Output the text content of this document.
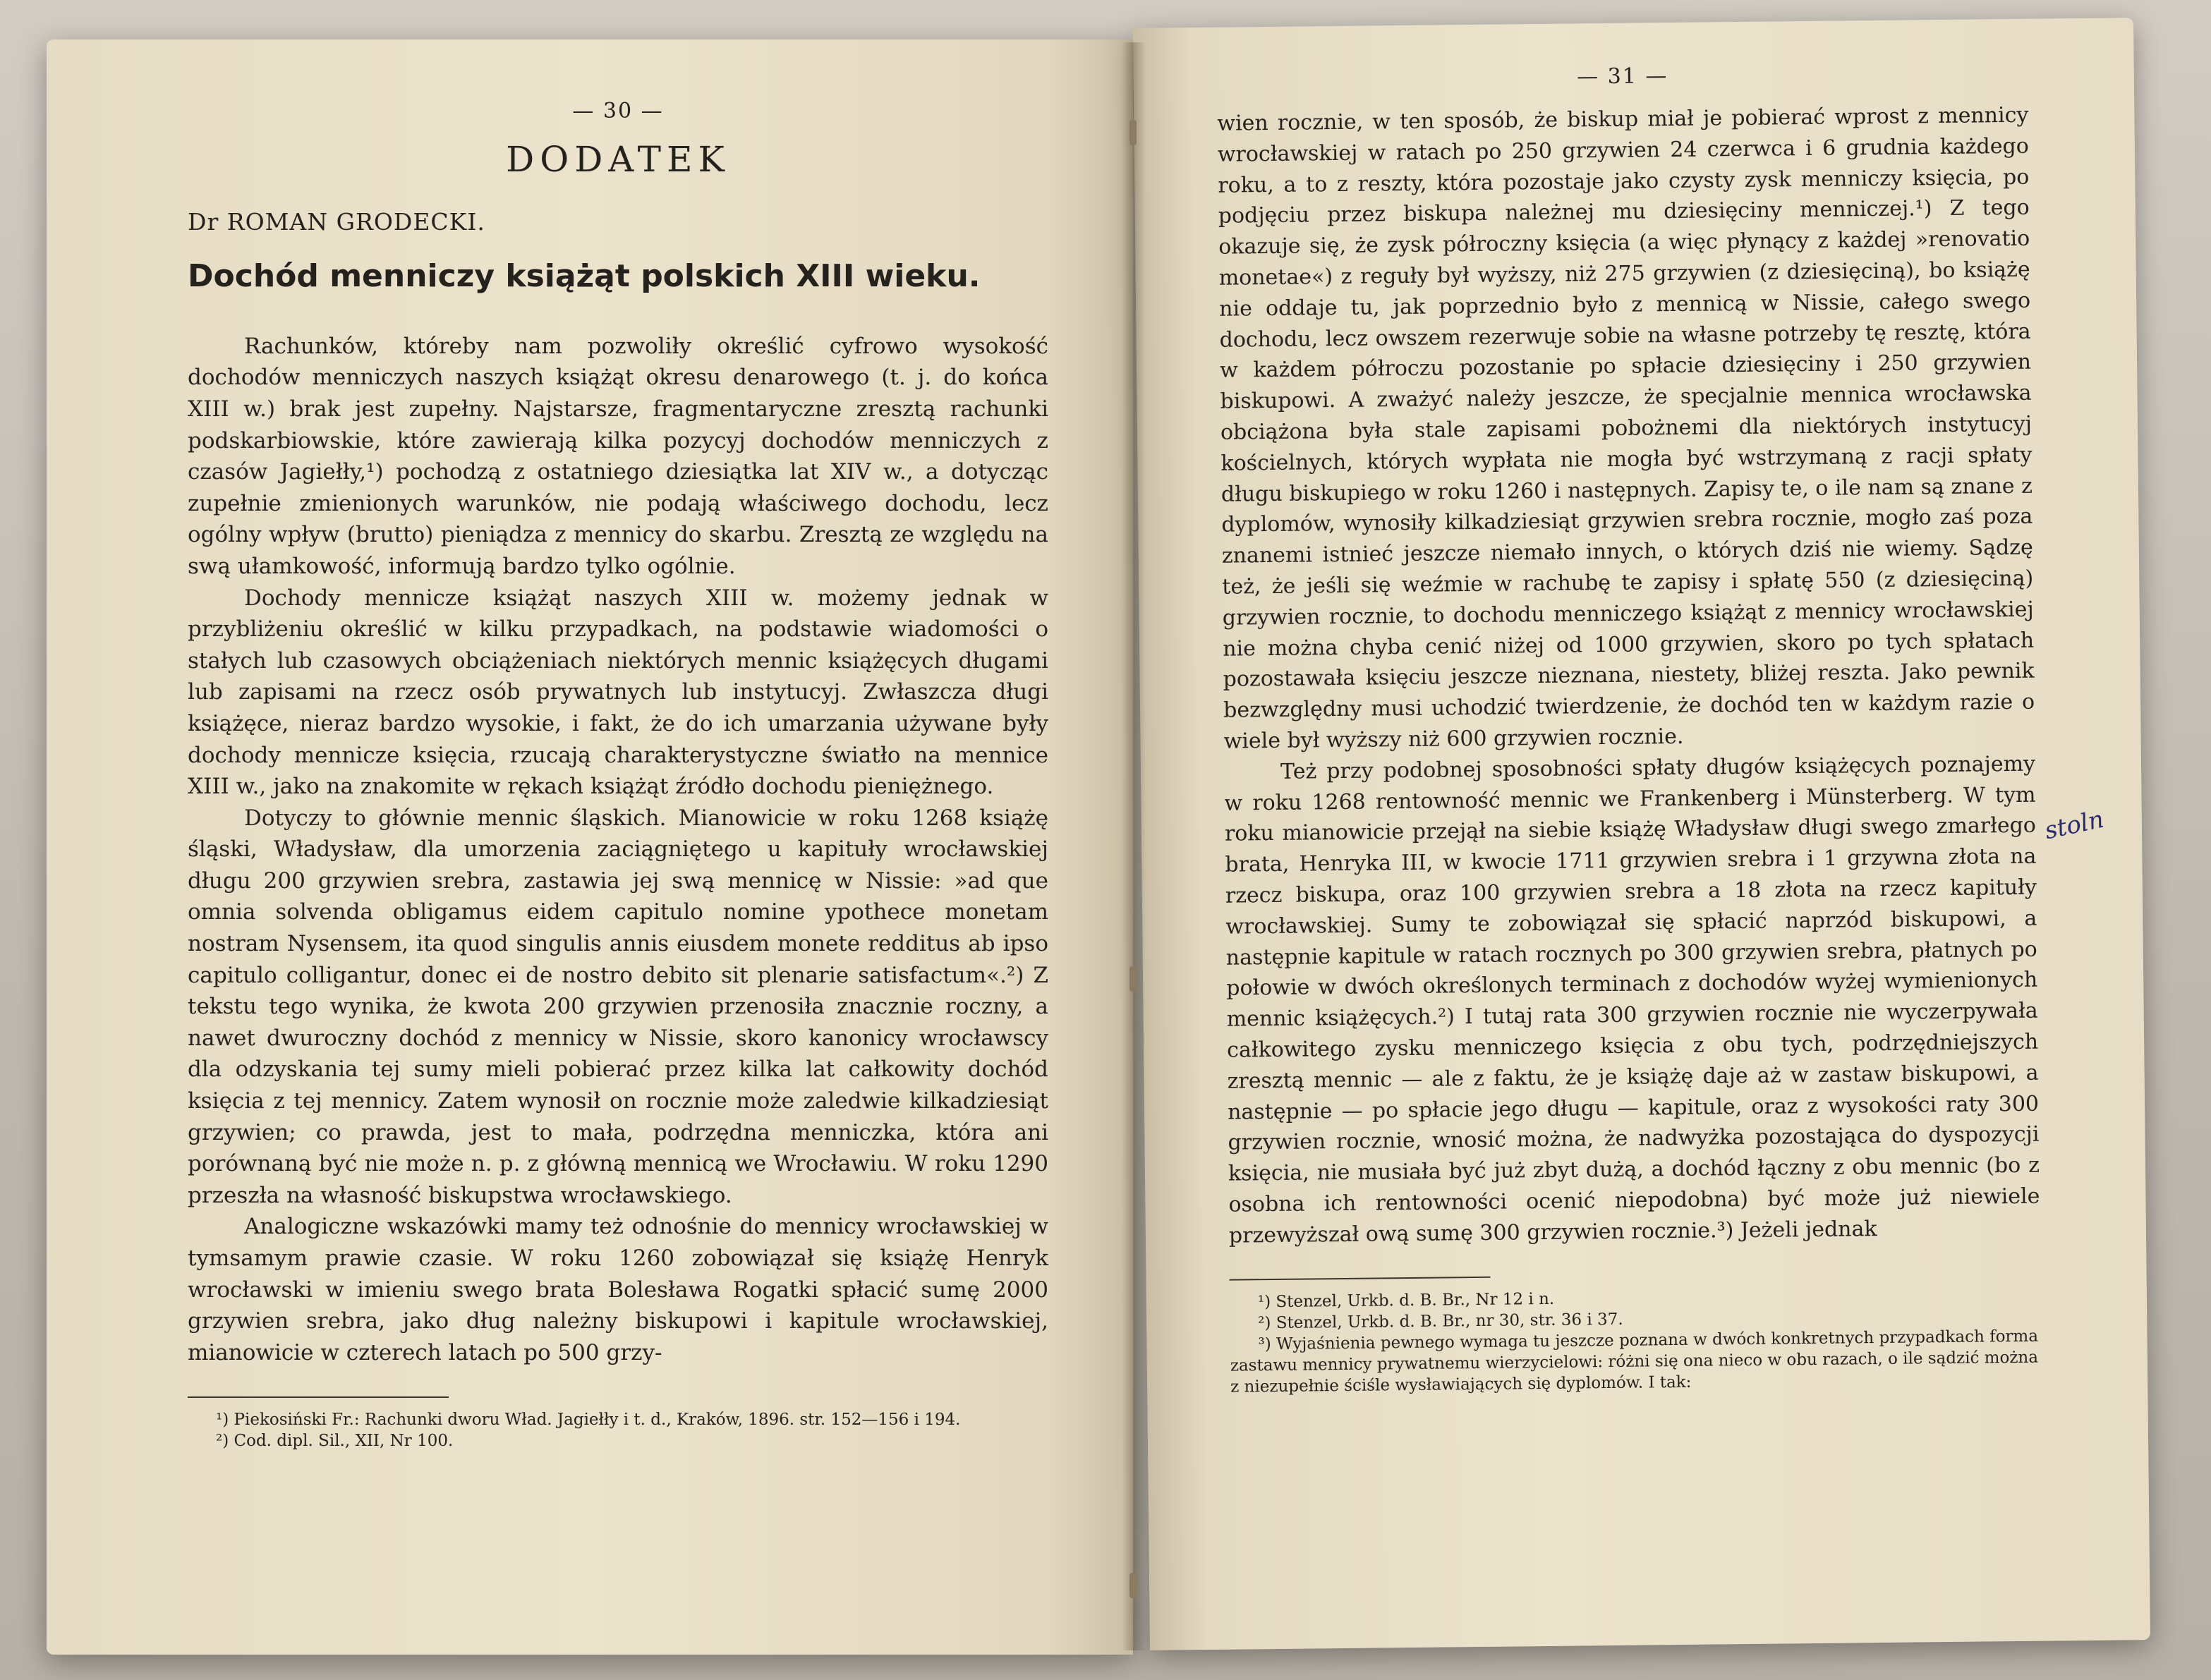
— 30 —
DODATEK
Dr ROMAN GRODECKI.
Dochód menniczy książąt polskich XIII wieku.

Rachunków, którebу nam pozwoliły określić cyfrowo wysokość dochodów menniczych naszych książąt okresu denarowego (t. j. do końca XIII w.) brak jest zupełny. Najstarsze, fragmentaryczne zresztą rachunki podskarbiowskie, które zawierają kilka pozycyj dochodów menniczych z czasów Jagiełły,¹) pochodzą z ostatniego dziesiątka lat XIV w., a dotycząc zupełnie zmienionych warunków, nie podają właściwego dochodu, lecz ogólny wpływ (brutto) pieniądza z mennicy do skarbu. Zresztą ze względu na swą ułamkowość, informują bardzo tylko ogólnie.

Dochody mennicze książąt naszych XIII w. możemy jednak w przybliżeniu określić w kilku przypadkach, na podstawie wiadomości o stałych lub czasowych obciążeniach niektórych mennic książęcych długami lub zapisami na rzecz osób prywatnych lub instytucyj. Zwłaszcza długi książęce, nieraz bardzo wysokie, i fakt, że do ich umarzania używane były dochody mennicze księcia, rzucają charakterystyczne światło na mennice XIII w., jako na znakomite w rękach książąt źródło dochodu pieniężnego.

Dotyczy to głównie mennic śląskich. Mianowicie w roku 1268 książę śląski, Władysław, dla umorzenia zaciągniętego u kapituły wrocławskiej długu 200 grzywien srebra, zastawia jej swą mennicę w Nissie: »ad que omnia solvenda obligamus eidem capitulo nomine ypothece monetam nostram Nysensem, ita quod singulis annis eiusdem monete redditus ab ipso capitulo colligantur, donec ei de nostro debito sit plenarie satisfactum«.²) Z tekstu tego wynika, że kwota 200 grzywien przenosiła znacznie roczny, a nawet dwuroczny dochód z mennicy w Nissie, skoro kanonicy wrocławscy dla odzyskania tej sumy mieli pobierać przez kilka lat całkowity dochód księcia z tej mennicy. Zatem wynosił on rocznie może zaledwie kilkadziesiąt grzywien; co prawda, jest to mała, podrzędna menniczka, która ani porównaną być nie może n. p. z główną mennicą we Wrocławiu. W roku 1290 przeszła na własność biskupstwa wrocławskiego.

Analogiczne wskazówki mamy też odnośnie do mennicy wrocławskiej w tymsamym prawie czasie. W roku 1260 zobowiązał się książę Henryk wrocławski w imieniu swego brata Bolesława Rogatki spłacić sumę 2000 grzywien srebra, jako dług należny biskupowi i kapitule wrocławskiej, mianowicie w czterech latach po 500 grzy-

¹) Piekosiński Fr.: Rachunki dworu Wład. Jagiełły i t. d., Kraków, 1896. str. 152—156 i 194.
²) Cod. dipl. Sil., XII, Nr 100.
— 31 —

wien rocznie, w ten sposób, że biskup miał je pobierać wprost z mennicy wrocławskiej w ratach po 250 grzywien 24 czerwca i 6 grudnia każdego roku, a to z reszty, która pozostaje jako czysty zysk menniczy księcia, po podjęciu przez biskupa należnej mu dziesięciny menniczej.¹) Z tego okazuje się, że zysk półroczny księcia (a więc płynący z każdej »renovatio monetae«) z reguły był wyższy, niż 275 grzywien (z dziesięciną), bo książę nie oddaje tu, jak poprzednio było z mennicą w Nissie, całego swego dochodu, lecz owszem rezerwuje sobie na własne potrzeby tę resztę, która w każdem półroczu pozostanie po spłacie dziesięciny i 250 grzywien biskupowi. A zważyć należy jeszcze, że specjalnie mennica wrocławska obciążona była stale zapisami pobożnemi dla niektórych instytucyj kościelnych, których wypłata nie mogła być wstrzymaną z racji spłaty długu biskupiego w roku 1260 i następnych. Zapisy te, o ile nam są znane z dyplomów, wynosiły kilkadziesiąt grzywien srebra rocznie, mogło zaś poza znanemi istnieć jeszcze niemało innych, o których dziś nie wiemy. Sądzę też, że jeśli się weźmie w rachubę te zapisy i spłatę 550 (z dziesięciną) grzywien rocznie, to dochodu menniczego książąt z mennicy wrocławskiej nie można chyba cenić niżej od 1000 grzywien, skoro po tych spłatach pozostawała księciu jeszcze nieznana, niestety, bliżej reszta. Jako pewnik bezwzględny musi uchodzić twierdzenie, że dochód ten w każdym razie o wiele był wyższy niż 600 grzywien rocznie.

Też przy podobnej sposobności spłaty długów książęcych poznajemy w roku 1268 rentowność mennic we Frankenberg i Münsterberg. W tym roku mianowicie przejął na siebie książę Władysław długi swego zmarłego brata, Henryka III, w kwocie 1711 grzywien srebra i 1 grzywna złota na rzecz biskupa, oraz 100 grzywien srebra a 18 złota na rzecz kapituły wrocławskiej. Sumy te zobowiązał się spłacić naprzód biskupowi, a następnie kapitule w ratach rocznych po 300 grzywien srebra, płatnych po połowie w dwóch określonych terminach z dochodów wyżej wymienionych mennic książęcych.²) I tutaj rata 300 grzywien rocznie nie wyczerpywała całkowitego zysku menniczego księcia z obu tych, podrzędniejszych zresztą mennic — ale z faktu, że je książę daje aż w zastaw biskupowi, a następnie — po spłacie jego długu — kapitule, oraz z wysokości raty 300 grzywien rocznie, wnosić można, że nadwyżka pozostająca do dyspozycji księcia, nie musiała być już zbyt dużą, a dochód łączny z obu mennic (bo z osobna ich rentowności ocenić niepodobna) być może już niewiele przewyższał ową sumę 300 grzywien rocznie.³) Jeżeli jednak

¹) Stenzel, Urkb. d. B. Br., Nr 12 i n.
²) Stenzel, Urkb. d. B. Br., nr 30, str. 36 i 37.
³) Wyjaśnienia pewnego wymaga tu jeszcze poznana w dwóch konkretnych przypadkach forma zastawu mennicy prywatnemu wierzycielowi: różni się ona nieco w obu razach, o ile sądzić można z niezupełnie ściśle wysławiających się dyplomów. I tak:
stoln
